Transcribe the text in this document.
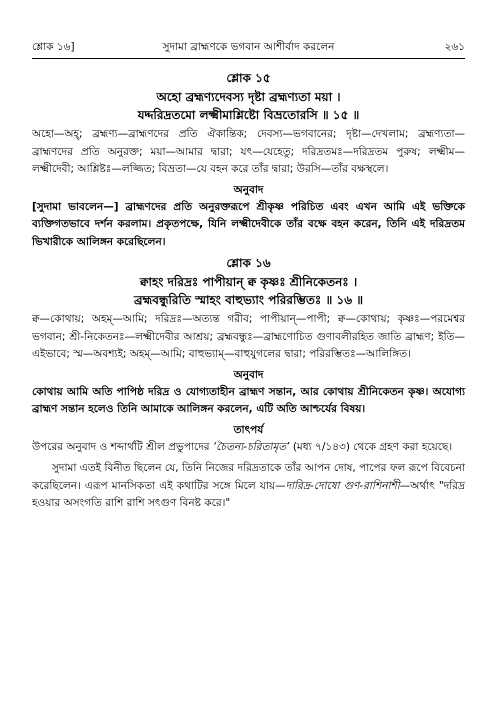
শ্লোক ১৬]	সুদামা ব্রাহ্মণকে ভগবান আশীর্বাদ করলেন	২৬১
শ্লোক ১৫
অহো ব্রহ্মণ্যদেবস্য দৃষ্টা ব্রহ্মণ্যতা ময়া ।
যদ্দরিদ্রতমো লক্ষ্মীমাশ্লিষ্টো বিভ্রতোরসি ॥ ১৫ ॥

অহো—অহ্; ব্রহ্মণ্য—ব্রাহ্মণদের প্রতি ঐকান্তিক; দেবস্য—ভগবানের; দৃষ্টা—দেখলাম; ব্রহ্মণ্যতা—ব্রাহ্মণদের প্রতি অনুরক্ত; ময়া—আমার দ্বারা; যৎ—যেহেতু; দরিদ্রতমঃ—দরিদ্রতম পুরুষ; লক্ষ্মীম—লক্ষ্মীদেবী; আশ্লিষ্টঃ—লজ্জিত; বিভ্রতা—যে বহন করে তাঁর দ্বারা; উরসি—তাঁর বক্ষস্থলে।

অনুবাদ

[সুদামা ভাবলেন—] ব্রাহ্মণদের প্রতি অনুরক্তরূপে শ্রীকৃষ্ণ পরিচিত এবং এখন আমি এই ভক্তিকে ব্যক্তিগতভাবে দর্শন করলাম। প্রকৃতপক্ষে, যিনি লক্ষ্মীদেবীকে তাঁর বক্ষে বহন করেন, তিনি এই দরিদ্রতম ভিখারীকে আলিঙ্গন করেছিলেন।

শ্লোক ১৬
ক্বাহং দরিদ্রঃ পাপীয়ান্ ক্ব কৃষ্ণঃ শ্রীনিকেতনঃ ।
ব্রহ্মবন্ধুরিতি স্মাহং বাহুভ্যাং পরিরম্ভিতঃ ॥ ১৬ ॥

ক্ব—কোথায়; অহম্—আমি; দরিদ্রঃ—অত্যন্ত গরীব; পাপীয়ান্—পাপী; ক্ব—কোথায়; কৃষ্ণঃ—পরমেশ্বর ভগবান; শ্রী-নিকেতনঃ—লক্ষ্মীদেবীর আশ্রয়; ব্রহ্মবন্ধুঃ—ব্রাহ্মণোচিত গুণাবলীরহিত জাতি ব্রাহ্মণ; ইতি—এইভাবে; স্ম—অবশ্যই; অহম্—আমি; বাহুভ্যাম্—বাহুযুগলের দ্বারা; পরিরম্ভিতঃ—আলিঙ্গিত।

অনুবাদ

কোথায় আমি অতি পাপিষ্ঠ দরিদ্র ও যোগ্যতাহীন ব্রাহ্মণ সন্তান, আর কোথায় শ্রীনিকেতন কৃষ্ণ। অযোগ্য ব্রাহ্মণ সন্তান হলেও তিনি আমাকে আলিঙ্গন করলেন, এটি অতি আশ্চর্যের বিষয়।

তাৎপর্য

উপরের অনুবাদ ও শব্দার্থটি শ্রীল প্রভুপাদের ‘চৈতন্য-চরিতামৃত’ (মধ্য ৭/১৪৩) থেকে গ্রহণ করা হয়েছে।

সুদামা এতই বিনীত ছিলেন যে, তিনি নিজের দরিদ্রতাকে তাঁর আপন দোষ, পাপের ফল রূপে বিবেচনা করেছিলেন। এরূপ মানসিকতা এই কথাটির সঙ্গে মিলে যায়—দারিদ্র-দোষো গুণ-রাশিনাশী—অর্থাৎ "দরিদ্র হওয়ার অসংগতি রাশি রাশি সৎগুণ বিনষ্ট করে।"
